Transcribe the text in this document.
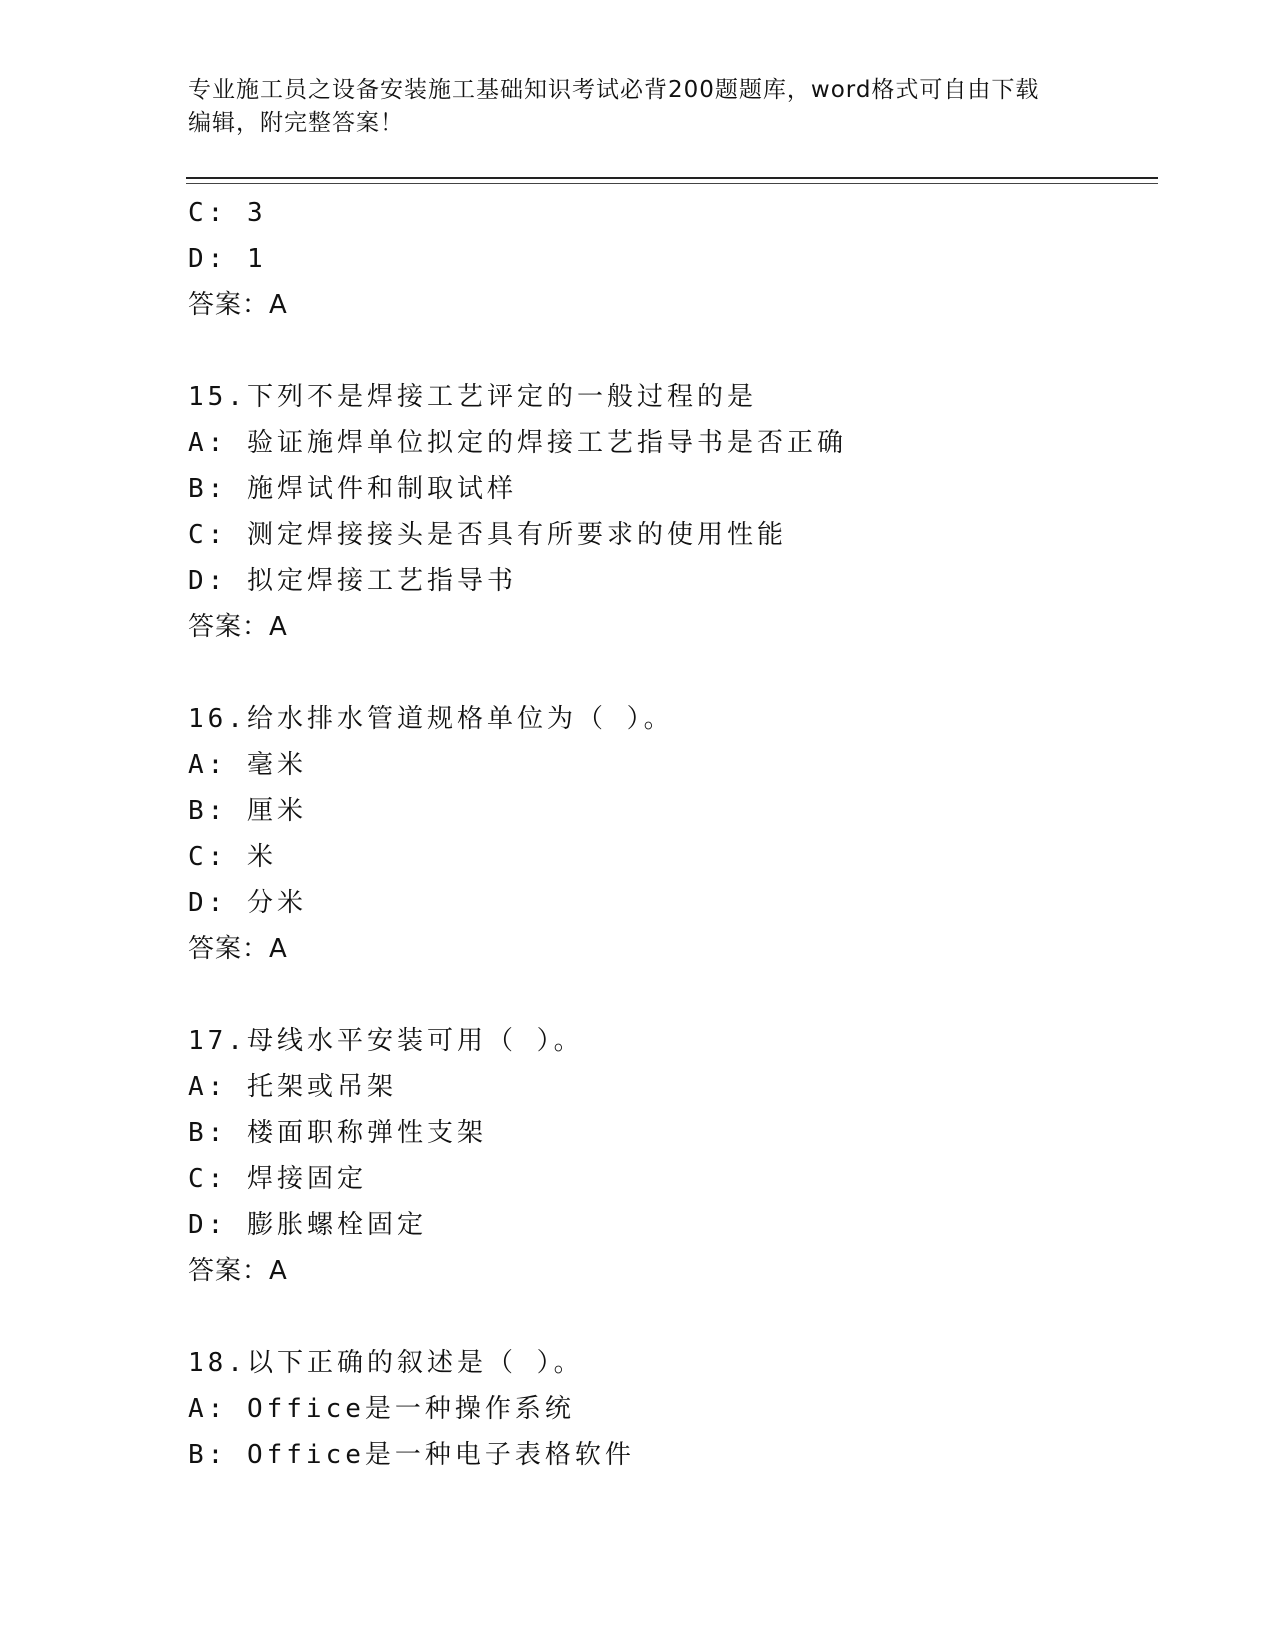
专业施工员之设备安装施工基础知识考试必背200题题库，word格式可自由下载
编辑，附完整答案！
C: 3
D: 1
答案：A
15.下列不是焊接工艺评定的一般过程的是
A: 验证施焊单位拟定的焊接工艺指导书是否正确
B: 施焊试件和制取试样
C: 测定焊接接头是否具有所要求的使用性能
D: 拟定焊接工艺指导书
答案：A
16.给水排水管道规格单位为（ ）。
A: 毫米
B: 厘米
C: 米
D: 分米
答案：A
17.母线水平安装可用（ ）。
A: 托架或吊架
B: 楼面职称弹性支架
C: 焊接固定
D: 膨胀螺栓固定
答案：A
18.以下正确的叙述是（ ）。
A: Office是一种操作系统
B: Office是一种电子表格软件
